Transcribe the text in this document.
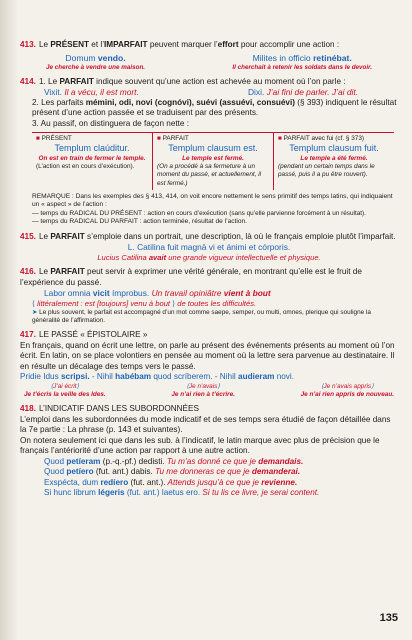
413. Le PRÉSENT et l’IMPARFAIT peuvent marquer l’effort pour accomplir une action :
Domum vendo.
Je cherche à vendre une maison.
Milites in officio retinébat.
Il cherchait à retenir les soldats dans le devoir.
414. 1. Le PARFAIT indique souvent qu’une action est achevée au moment où l’on parle :
Vixit. Il a vécu, il est mort.	Dixi. J’ai fini de parler. J’ai dit.
2. Les parfaits mémini, odi, novi (cognóvi), suévi (assuévi, consuévi) (§ 393) indiquent le résultat présent d’une action passée et se traduisent par des présents.
3. Au passif, on distinguera de façon nette :
■ PRÉSENT
Templum claúditur.
On est en train de fermer le temple.
(L’action est en cours d’exécution).
■ PARFAIT
Templum clausum est.
Le temple est fermé.
(On a procédé à sa fermeture à un moment du passé, et actuellement, il est fermé.)
■ PARFAIT avec fui (cf. § 373)
Templum clausum fuit.
Le temple a été fermé.
(pendant un certain temps dans le passé, puis il a pu être rouvert).
REMARQUE : Dans les exemples des § 413, 414, on voit encore nettement le sens primitif des temps latins, qui indiquaient un « aspect » de l’action :
— temps du RADICAL DU PRÉSENT : action en cours d’exécution (sans qu’elle parvienne forcément à un résultat).
— temps du RADICAL DU PARFAIT : action terminée, résultat de l’action.
415. Le PARFAIT s’emploie dans un portrait, une description, là où le français emploie plutôt l’imparfait.
L. Catilina fuit magnā vi et ánimi et córporis.
Lucius Catilina avait une grande vigueur intellectuelle et physique.
416. Le PARFAIT peut servir à exprimer une vérité générale, en montrant qu’elle est le fruit de l’expérience du passé.
Labor omnia vicit ímprobus. Un travail opiniâtre vient à bout
⟨ littéralement : est [toujours] venu à bout ⟩ de toutes les difficultés.
➤ Le plus souvent, le parfait est accompagné d’un mot comme saepe, semper, ou multi, omnes, plerique qui souligne la généralité de l’affirmation.
417. LE PASSÉ « ÉPISTOLAIRE »
En français, quand on écrit une lettre, on parle au présent des événements présents au moment où l’on écrit. En latin, on se place volontiers en pensée au moment où la lettre sera parvenue au destinataire. Il en résulte un décalage des temps vers le passé.
Pridie Idus scripsi. - Nihil habébam quod scríberem. - Nihil audieram novi.
⟨J’ai écrit⟩
Je t’écris la veille des Ides.
⟨Je n’avais⟩
Je n’ai rien à t’écrire.
⟨Je n’avais appris⟩
Je n’ai rien appris de nouveau.
418. L’INDICATIF DANS LES SUBORDONNÉES
L’emploi dans les subordonnées du mode indicatif et de ses temps sera étudié de façon détaillée dans la 7e partie : La phrase (p. 143 et suivantes).
On notera seulement ici que dans les sub. à l’indicatif, le latin marque avec plus de précision que le français l’antériorité d’une action par rapport à une autre action.
Quod petíeram (p.-q.-pf.) dedisti. Tu m’as donné ce que je demandais.
Quod petíero (fut. ant.) dabis. Tu me donneras ce que je demanderai.
Exspécta, dum redíero (fut. ant.). Attends jusqu’à ce que je revienne.
Si hunc librum légeris (fut. ant.) laetus ero. Si tu lis ce livre, je serai content.
135
